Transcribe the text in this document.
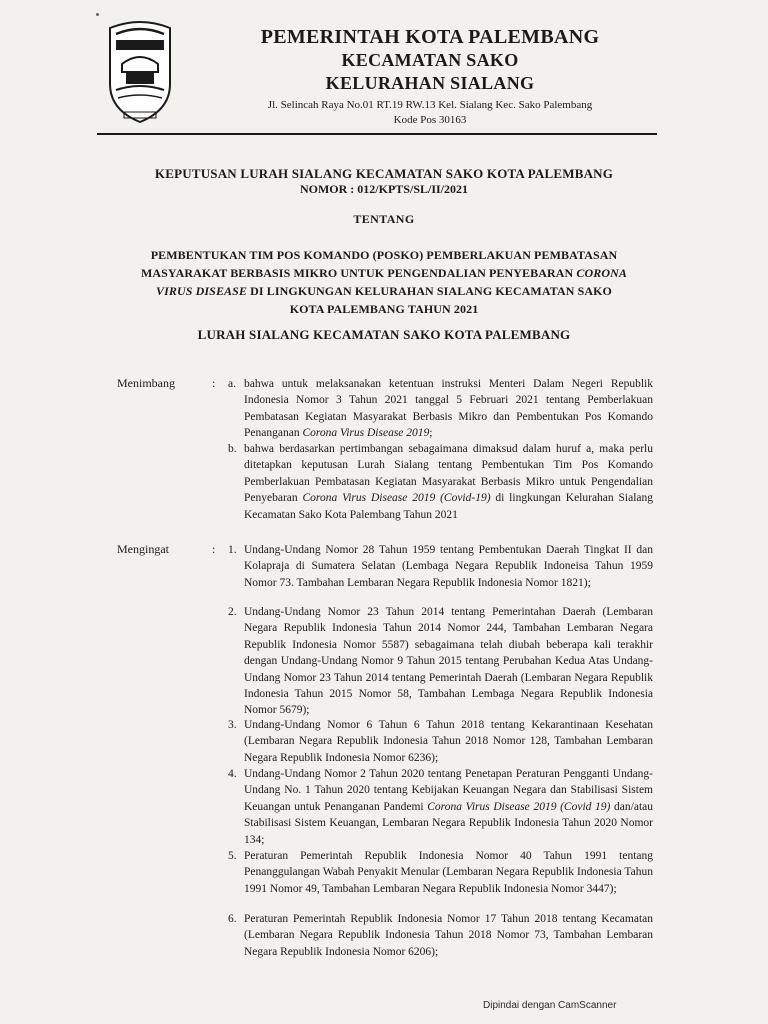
PEMERINTAH KOTA PALEMBANG
KECAMATAN SAKO
KELURAHAN SIALANG
Jl. Selincah Raya No.01 RT.19 RW.13 Kel. Sialang Kec. Sako Palembang
Kode Pos 30163
KEPUTUSAN LURAH SIALANG KECAMATAN SAKO KOTA PALEMBANG
NOMOR : 012/KPTS/SL/II/2021
TENTANG
PEMBENTUKAN TIM POS KOMANDO (POSKO) PEMBERLAKUAN PEMBATASAN
MASYARAKAT BERBASIS MIKRO UNTUK PENGENDALIAN PENYEBARAN CORONA
VIRUS DISEASE DI LINGKUNGAN KELURAHAN SIALANG KECAMATAN SAKO
KOTA PALEMBANG TAHUN 2021
LURAH SIALANG KECAMATAN SAKO KOTA PALEMBANG
Menimbang	: a. bahwa untuk melaksanakan ketentuan instruksi Menteri Dalam Negeri Republik Indonesia Nomor 3 Tahun 2021 tanggal 5 Februari 2021 tentang Pemberlakuan Pembatasan Kegiatan Masyarakat Berbasis Mikro dan Pembentukan Pos Komando Penanganan Corona Virus Disease 2019;
b. bahwa berdasarkan pertimbangan sebagaimana dimaksud dalam huruf a, maka perlu ditetapkan keputusan Lurah Sialang tentang Pembentukan Tim Pos Komando Pemberlakuan Pembatasan Kegiatan Masyarakat Berbasis Mikro untuk Pengendalian Penyebaran Corona Virus Disease 2019 (Covid-19) di lingkungan Kelurahan Sialang Kecamatan Sako Kota Palembang Tahun 2021
Mengingat	: 1. Undang-Undang Nomor 28 Tahun 1959 tentang Pembentukan Daerah Tingkat II dan Kolapraja di Sumatera Selatan (Lembaga Negara Republik Indoneisa Tahun 1959 Nomor 73. Tambahan Lembaran Negara Republik Indonesia Nomor 1821);
2. Undang-Undang Nomor 23 Tahun 2014 tentang Pemerintahan Daerah (Lembaran Negara Republik Indonesia Tahun 2014 Nomor 244, Tambahan Lembaran Negara Republik Indonesia Nomor 5587) sebagaimana telah diubah beberapa kali terakhir dengan Undang-Undang Nomor 9 Tahun 2015 tentang Perubahan Kedua Atas Undang-Undang Nomor 23 Tahun 2014 tentang Pemerintah Daerah (Lembaran Negara Republik Indonesia Tahun 2015 Nomor 58, Tambahan Lembaga Negara Republik Indonesia Nomor 5679);
3. Undang-Undang Nomor 6 Tahun 6 Tahun 2018 tentang Kekarantinaan Kesehatan (Lembaran Negara Republik Indonesia Tahun 2018 Nomor 128, Tambahan Lembaran Negara Republik Indonesia Nomor 6236);
4. Undang-Undang Nomor 2 Tahun 2020 tentang Penetapan Peraturan Pengganti Undang-Undang No. 1 Tahun 2020 tentang Kebijakan Keuangan Negara dan Stabilisasi Sistem Keuangan untuk Penanganan Pandemi Corona Virus Disease 2019 (Covid 19) dan/atau Stabilisasi Sistem Keuangan, Lembaran Negara Republik Indonesia Tahun 2020 Nomor 134;
5. Peraturan Pemerintah Republik Indonesia Nomor 40 Tahun 1991 tentang Penanggulangan Wabah Penyakit Menular (Lembaran Negara Republik Indonesia Tahun 1991 Nomor 49, Tambahan Lembaran Negara Republik Indonesia Nomor 3447);
6. Peraturan Pemerintah Republik Indonesia Nomor 17 Tahun 2018 tentang Kecamatan (Lembaran Negara Republik Indonesia Tahun 2018 Nomor 73, Tambahan Lembaran Negara Republik Indonesia Nomor 6206);
Dipindai dengan CamScanner
